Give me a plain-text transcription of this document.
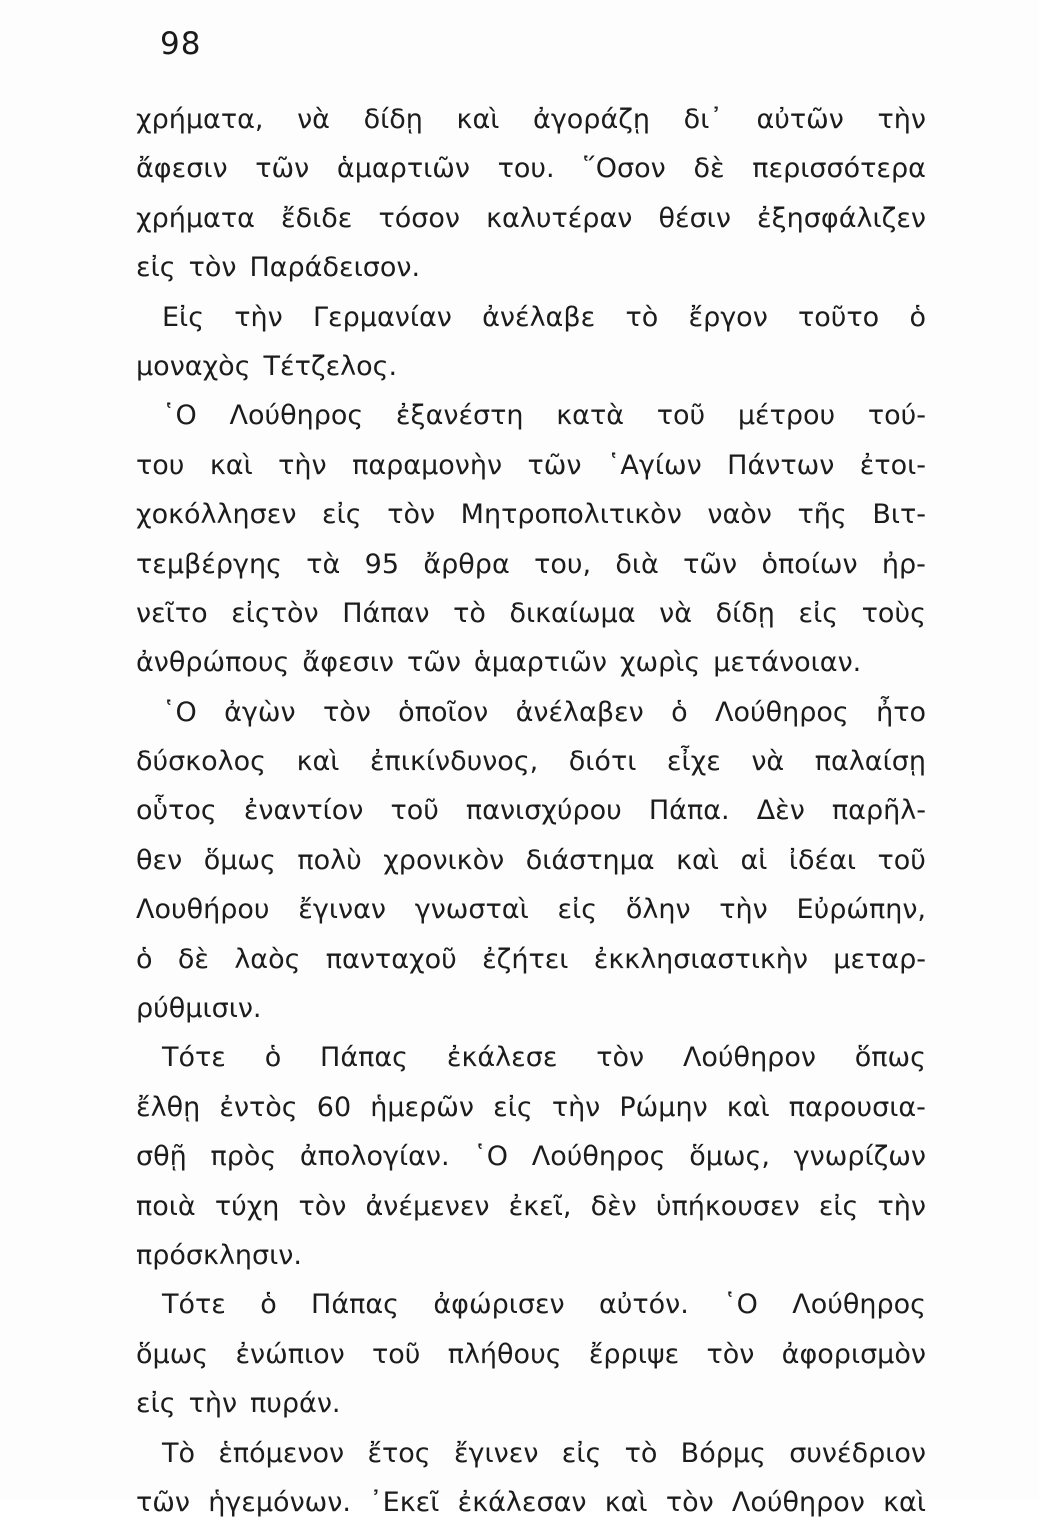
98
χρήματα, νὰ δίδῃ καὶ ἀγοράζῃ δι᾽ αὐτῶν τὴν
ἄφεσιν τῶν ἁμαρτιῶν του. ῞Οσον δὲ περισσότερα
χρήματα ἔδιδε τόσον καλυτέραν θέσιν ἐξησφάλιζεν
εἰς τὸν Παράδεισον.
Εἰς τὴν Γερμανίαν ἀνέλαβε τὸ ἔργον τοῦτο ὁ
μοναχὸς Τέτζελος.
῾Ο Λούθηρος ἐξανέστη κατὰ τοῦ μέτρου τού-
του καὶ τὴν παραμονὴν τῶν ῾Αγίων Πάντων ἐτοι-
χοκόλλησεν εἰς τὸν Μητροπολιτικὸν ναὸν τῆς Βιτ-
τεμβέργης τὰ 95 ἄρθρα του, διὰ τῶν ὁποίων ἠρ-
νεῖτο εἰςτὸν Πάπαν τὸ δικαίωμα νὰ δίδῃ εἰς τοὺς
ἀνθρώπους ἄφεσιν τῶν ἁμαρτιῶν χωρὶς μετάνοιαν.
῾Ο ἀγὼν τὸν ὁποῖον ἀνέλαβεν ὁ Λούθηρος ἦτο
δύσκολος καὶ ἐπικίνδυνος, διότι εἶχε νὰ παλαίσῃ
οὗτος ἐναντίον τοῦ πανισχύρου Πάπα. Δὲν παρῆλ-
θεν ὅμως πολὺ χρονικὸν διάστημα καὶ αἱ ἰδέαι τοῦ
Λουθήρου ἔγιναν γνωσταὶ εἰς ὅλην τὴν Εὐρώπην,
ὁ δὲ λαὸς πανταχοῦ ἐζήτει ἐκκλησιαστικὴν μεταρ-
ρύθμισιν.
Τότε ὁ Πάπας ἐκάλεσε τὸν Λούθηρον ὅπως
ἔλθῃ ἐντὸς 60 ἡμερῶν εἰς τὴν Ρώμην καὶ παρουσια-
σθῇ πρὸς ἀπολογίαν. ῾Ο Λούθηρος ὅμως, γνωρίζων
ποιὰ τύχη τὸν ἀνέμενεν ἐκεῖ, δὲν ὑπήκουσεν εἰς τὴν
πρόσκλησιν.
Τότε ὁ Πάπας ἀφώρισεν αὐτόν. ῾Ο Λούθηρος
ὅμως ἐνώπιον τοῦ πλήθους ἔρριψε τὸν ἀφορισμὸν
εἰς τὴν πυράν.
Τὸ ἑπόμενον ἔτος ἔγινεν εἰς τὸ Βόρμς συνέδριον
τῶν ἡγεμόνων. ᾽Εκεῖ ἐκάλεσαν καὶ τὸν Λούθηρον καὶ
